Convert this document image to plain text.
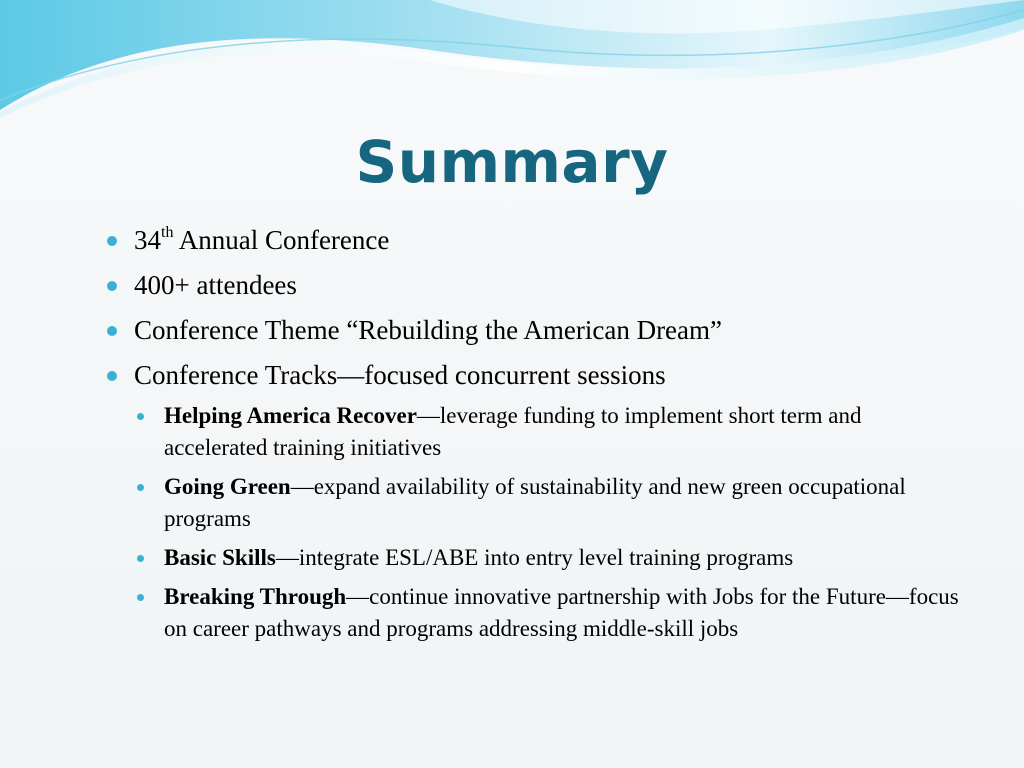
Summary
34th Annual Conference
400+ attendees
Conference Theme “Rebuilding the American Dream”
Conference Tracks—focused concurrent sessions
Helping America Recover—leverage funding to implement short term and accelerated training initiatives
Going Green—expand availability of sustainability and new green occupational programs
Basic Skills—integrate ESL/ABE into entry level training programs
Breaking Through—continue innovative partnership with Jobs for the Future—focus on career pathways and programs addressing middle-skill jobs
